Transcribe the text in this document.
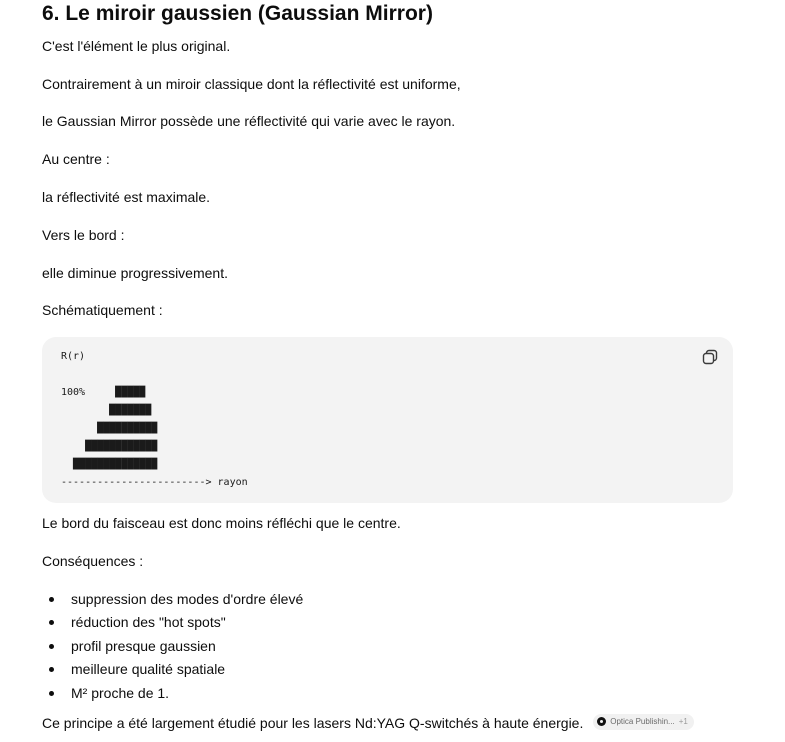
6. Le miroir gaussien (Gaussian Mirror)

C'est l'élément le plus original.

Contrairement à un miroir classique dont la réflectivité est uniforme,

le Gaussian Mirror possède une réflectivité qui varie avec le rayon.

Au centre :

la réflectivité est maximale.

Vers le bord :

elle diminue progressivement.

Schématiquement :

R(r)

100%     █████
███████
██████████
████████████
██████████████
------------------------> rayon

Le bord du faisceau est donc moins réfléchi que le centre.

Conséquences :

suppression des modes d'ordre élevé
réduction des "hot spots"
profil presque gaussien
meilleure qualité spatiale
M² proche de 1.
Ce principe a été largement étudié pour les lasers Nd:YAG Q-switchés à haute énergie.	Optica Publishin... +1
